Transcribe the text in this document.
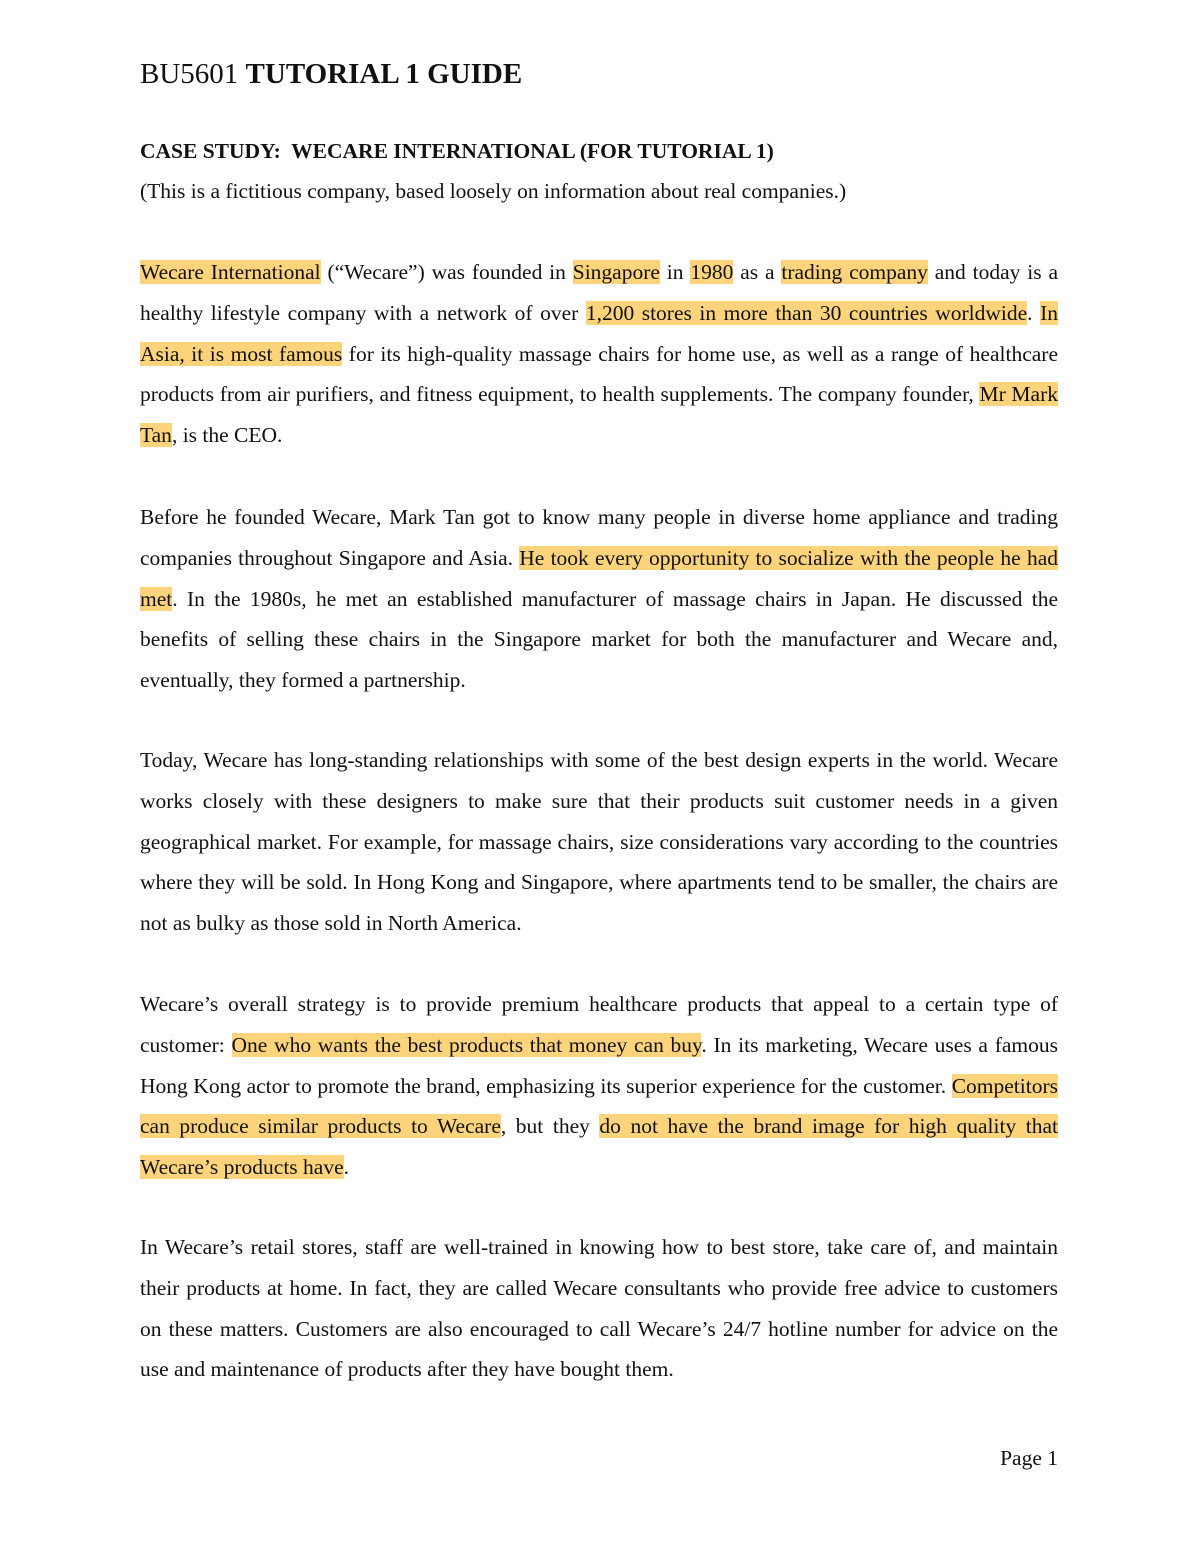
BU5601 TUTORIAL 1 GUIDE

CASE STUDY:  WECARE INTERNATIONAL (FOR TUTORIAL 1)

(This is a fictitious company, based loosely on information about real companies.)

Wecare International (“Wecare”) was founded in Singapore in 1980 as a trading company and today is a healthy lifestyle company with a network of over 1,200 stores in more than 30 countries worldwide. In Asia, it is most famous for its high-quality massage chairs for home use, as well as a range of healthcare products from air purifiers, and fitness equipment, to health supplements. The company founder, Mr Mark Tan, is the CEO.

Before he founded Wecare, Mark Tan got to know many people in diverse home appliance and trading companies throughout Singapore and Asia. He took every opportunity to socialize with the people he had met. In the 1980s, he met an established manufacturer of massage chairs in Japan. He discussed the benefits of selling these chairs in the Singapore market for both the manufacturer and Wecare and, eventually, they formed a partnership.

Today, Wecare has long-standing relationships with some of the best design experts in the world. Wecare works closely with these designers to make sure that their products suit customer needs in a given geographical market. For example, for massage chairs, size considerations vary according to the countries where they will be sold. In Hong Kong and Singapore, where apartments tend to be smaller, the chairs are not as bulky as those sold in North America.

Wecare’s overall strategy is to provide premium healthcare products that appeal to a certain type of customer: One who wants the best products that money can buy. In its marketing, Wecare uses a famous Hong Kong actor to promote the brand, emphasizing its superior experience for the customer. Competitors can produce similar products to Wecare, but they do not have the brand image for high quality that Wecare’s products have.

In Wecare’s retail stores, staff are well-trained in knowing how to best store, take care of, and maintain their products at home. In fact, they are called Wecare consultants who provide free advice to customers on these matters. Customers are also encouraged to call Wecare’s 24/7 hotline number for advice on the use and maintenance of products after they have bought them.

Page 1
